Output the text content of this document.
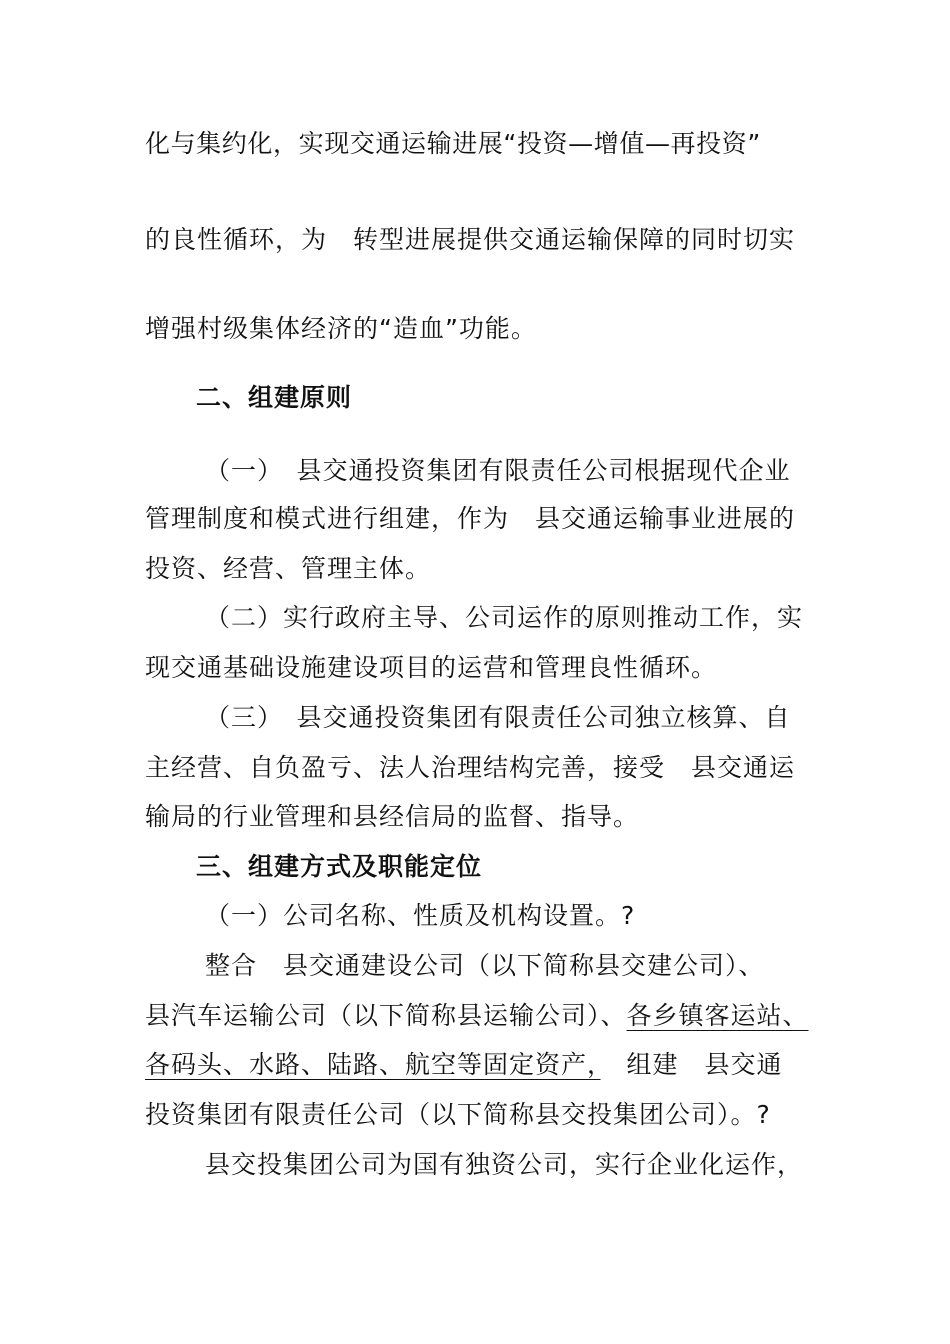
化与集约化，实现交通运输进展“投资—增值—再投资”
的良性循环，为　转型进展提供交通运输保障的同时切实
增强村级集体经济的“造血”功能。
二、组建原则
（一）　县交通投资集团有限责任公司根据现代企业
管理制度和模式进行组建，作为　县交通运输事业进展的
投资、经营、管理主体。
（二）实行政府主导、公司运作的原则推动工作，实
现交通基础设施建设项目的运营和管理良性循环。
（三）　县交通投资集团有限责任公司独立核算、自
主经营、自负盈亏、法人治理结构完善，接受　县交通运
输局的行业管理和县经信局的监督、指导。
三、组建方式及职能定位
（一）公司名称、性质及机构设置。?
整合　县交通建设公司（以下简称县交建公司）、
县汽车运输公司（以下简称县运输公司）、各乡镇客运站、
各码头、水路、陆路、航空等固定资产，　组建　县交通
投资集团有限责任公司（以下简称县交投集团公司）。?
县交投集团公司为国有独资公司，实行企业化运作，
